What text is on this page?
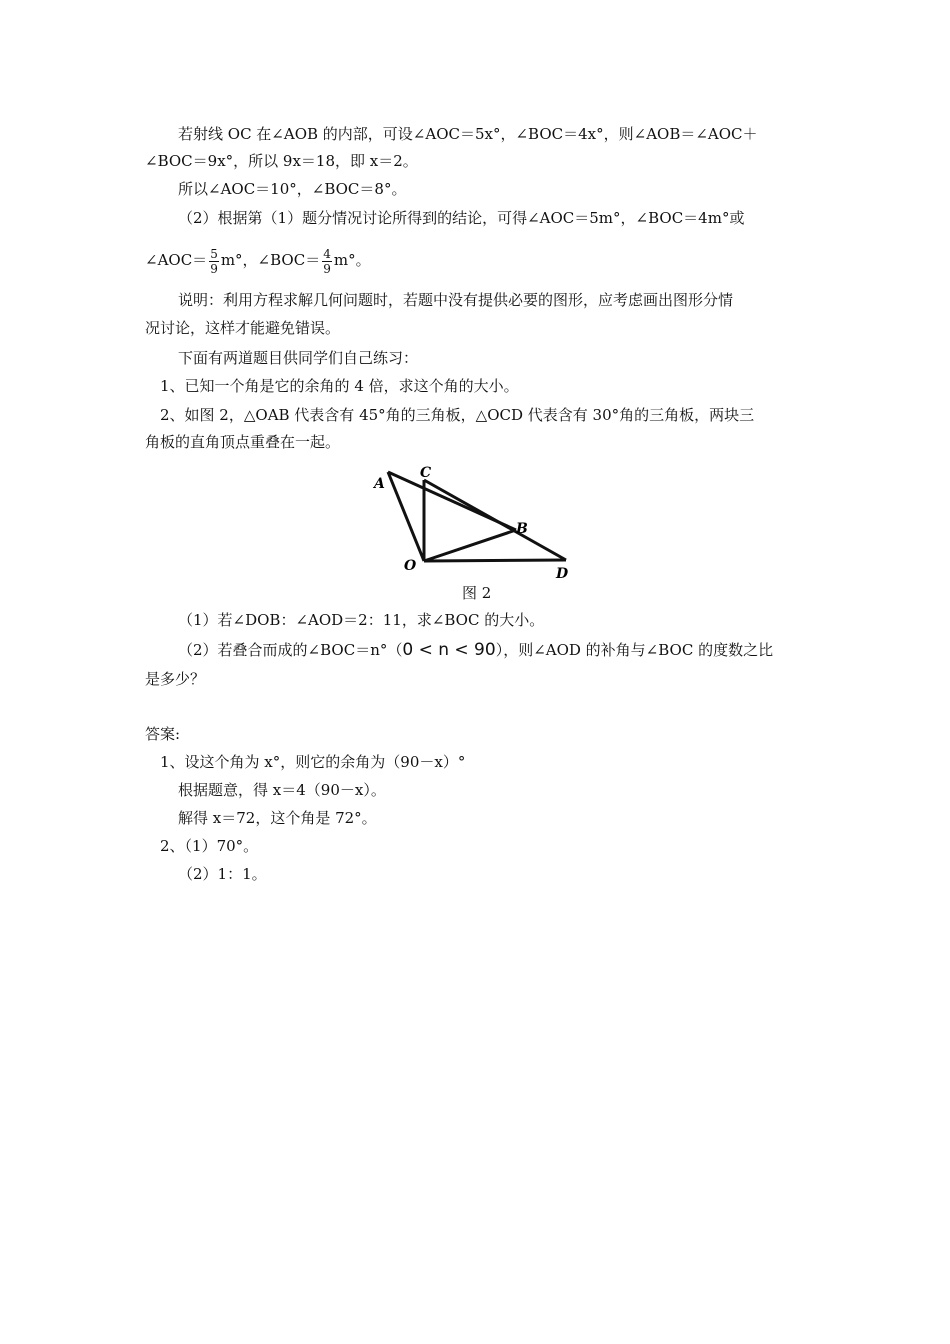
若射线 OC 在∠AOB 的内部，可设∠AOC＝5x°，∠BOC＝4x°，则∠AOB＝∠AOC＋
∠BOC＝9x°，所以 9x＝18，即 x＝2。
所以∠AOC＝10°，∠BOC＝8°。
（2）根据第（1）题分情况讨论所得到的结论，可得∠AOC＝5m°，∠BOC＝4m°或
∠AOC＝ $\frac{5}{9} m^\circ$，∠BOC＝ $\frac{4}{9} m^\circ$。
说明：利用方程求解几何问题时，若题中没有提供必要的图形，应考虑画出图形分情
况讨论，这样才能避免错误。
下面有两道题目供同学们自己练习：
1、已知一个角是它的余角的 4 倍，求这个角的大小。
2、如图 2，△OAB 代表含有 45°角的三角板，△OCD 代表含有 30°角的三角板，两块三
角板的直角顶点重叠在一起。
A
C
B
O	D
图 2
（1）若∠DOB：∠AOD＝2：11，求∠BOC 的大小。
（2）若叠合而成的∠BOC＝n°（0 < n < 90），则∠AOD 的补角与∠BOC 的度数之比
是多少？
答案:
1、设这个角为 x°，则它的余角为（90－x）°
根据题意，得 x＝4（90－x）。
解得 x＝72，这个角是 72°。
2、（1）70°。
（2）1：1。
